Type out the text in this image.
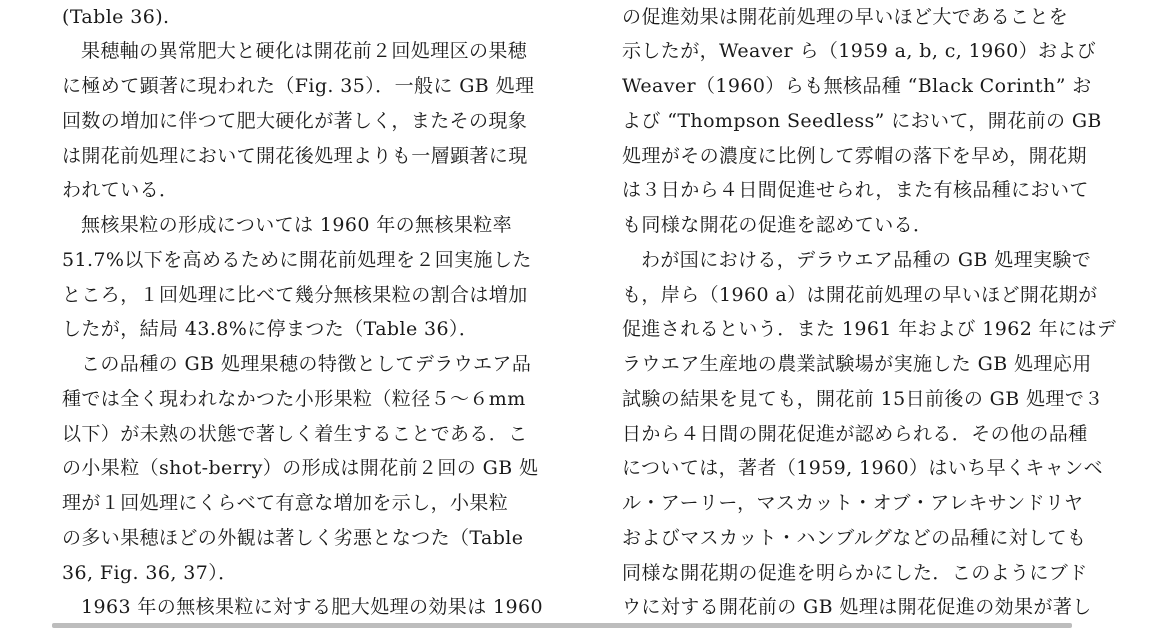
(Table 36).
果穂軸の異常肥大と硬化は開花前２回処理区の果穂
に極めて顕著に現われた（Fig. 35）．一般に GB 処理
回数の増加に伴つて肥大硬化が著しく，またその現象
は開花前処理において開花後処理よりも一層顕著に現
われている．
無核果粒の形成については 1960 年の無核果粒率
51.7%以下を高めるために開花前処理を２回実施した
ところ，１回処理に比べて幾分無核果粒の割合は増加
したが，結局 43.8%に停まつた（Table 36）．
この品種の GB 処理果穂の特徴としてデラウエア品
種では全く現われなかつた小形果粒（粒径５～６mm
以下）が未熟の状態で著しく着生することである．こ
の小果粒（shot-berry）の形成は開花前２回の GB 処
理が１回処理にくらべて有意な増加を示し，小果粒
の多い果穂ほどの外観は著しく劣悪となつた（Table
36, Fig. 36, 37）．
1963 年の無核果粒に対する肥大処理の効果は 1960
の促進効果は開花前処理の早いほど大であることを
示したが，Weaver ら（1959 a, b, c, 1960）および
Weaver（1960）らも無核品種 “Black Corinth” お
よび “Thompson Seedless” において，開花前の GB
処理がその濃度に比例して雰帽の落下を早め，開花期
は３日から４日間促進せられ，また有核品種において
も同様な開花の促進を認めている．
わが国における，デラウエア品種の GB 処理実験で
も，岸ら（1960 a）は開花前処理の早いほど開花期が
促進されるという．また 1961 年および 1962 年にはデ
ラウエア生産地の農業試験場が実施した GB 処理応用
試験の結果を見ても，開花前 15日前後の GB 処理で３
日から４日間の開花促進が認められる．その他の品種
については，著者（1959, 1960）はいち早くキャンベ
ル・アーリー，マスカット・オブ・アレキサンドリヤ
およびマスカット・ハンブルグなどの品種に対しても
同様な開花期の促進を明らかにした．このようにブド
ウに対する開花前の GB 処理は開花促進の効果が著し
